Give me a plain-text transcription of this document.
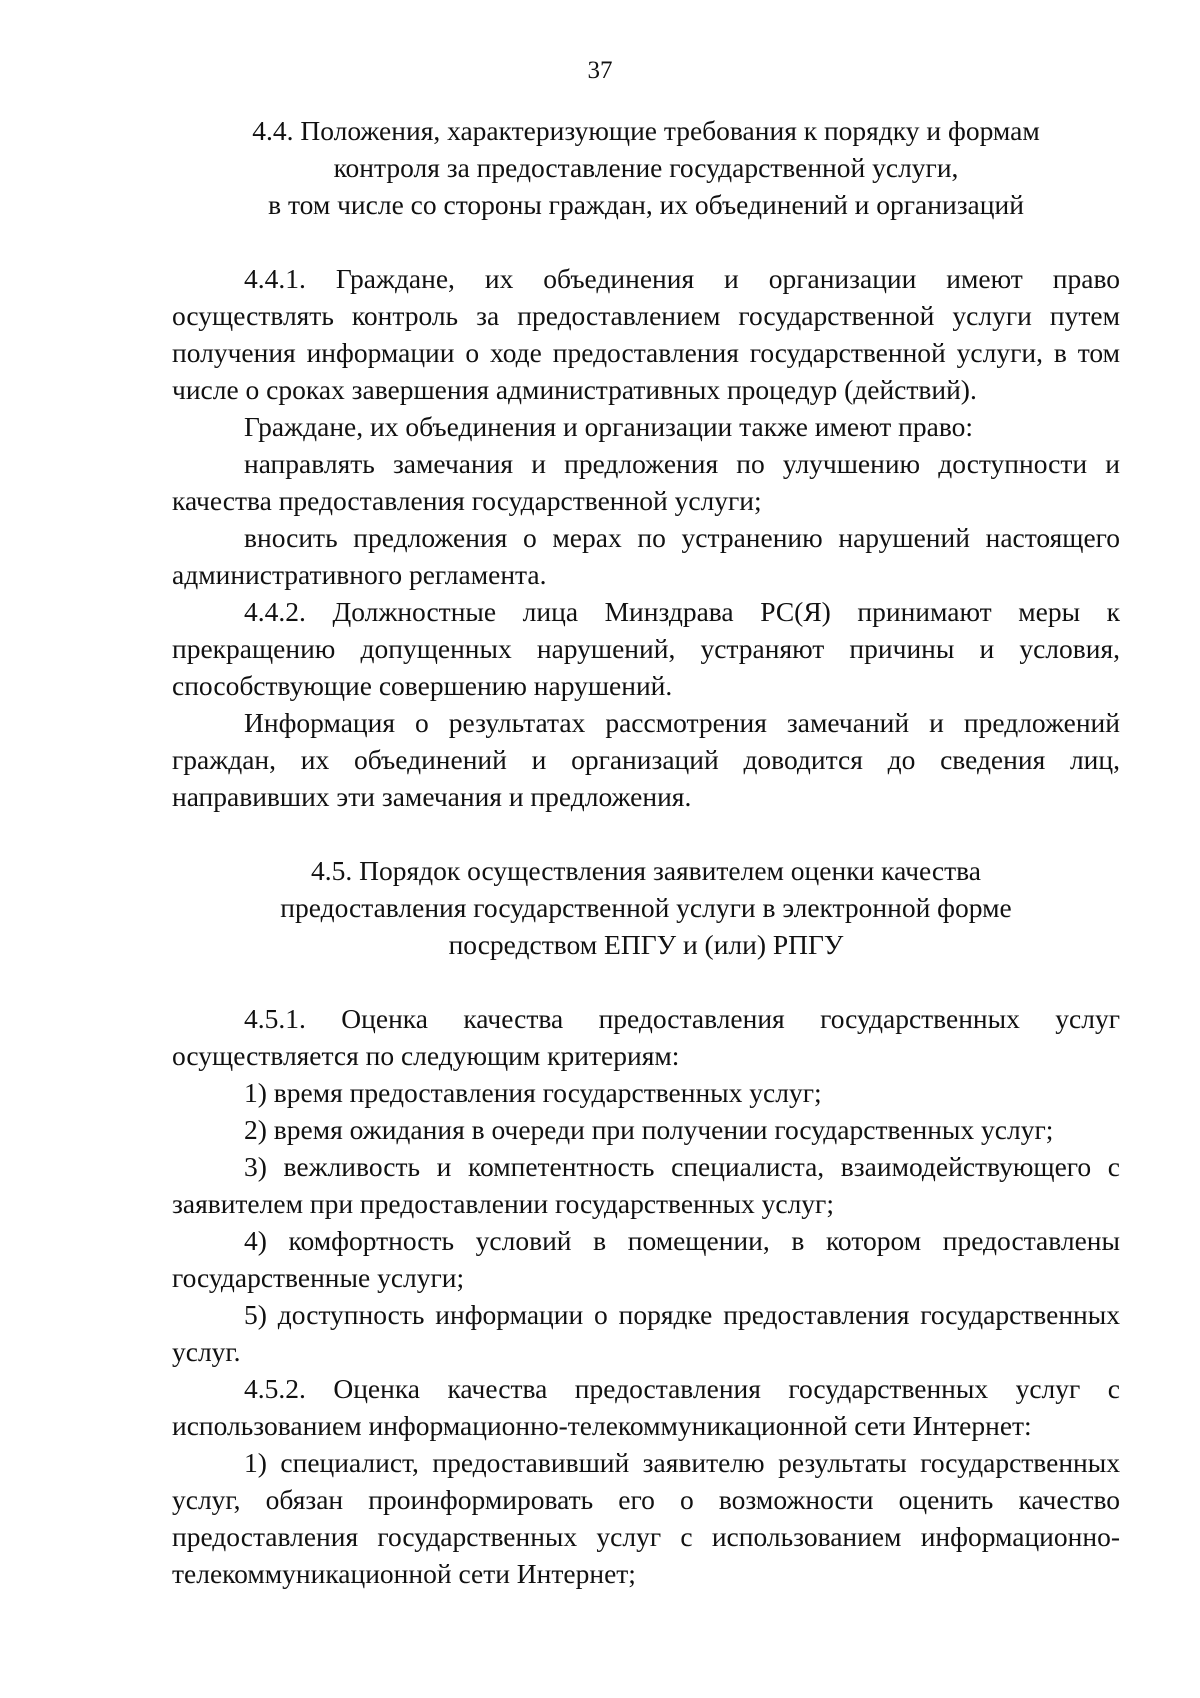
37
4.4. Положения, характеризующие требования к порядку и формам
контроля за предоставление государственной услуги,
в том числе со стороны граждан, их объединений и организаций

4.4.1. Граждане, их объединения и организации имеют право осуществлять контроль за предоставлением государственной услуги путем получения информации о ходе предоставления государственной услуги, в том числе о сроках завершения административных процедур (действий).

Граждане, их объединения и организации также имеют право:

направлять замечания и предложения по улучшению доступности и качества предоставления государственной услуги;

вносить предложения о мерах по устранению нарушений настоящего административного регламента.

4.4.2. Должностные лица Минздрава РС(Я) принимают меры к прекращению допущенных нарушений, устраняют причины и условия, способствующие совершению нарушений.

Информация о результатах рассмотрения замечаний и предложений граждан, их объединений и организаций доводится до сведения лиц, направивших эти замечания и предложения.

4.5. Порядок осуществления заявителем оценки качества
предоставления государственной услуги в электронной форме
посредством ЕПГУ и (или) РПГУ

4.5.1. Оценка качества предоставления государственных услуг осуществляется по следующим критериям:

1) время предоставления государственных услуг;

2) время ожидания в очереди при получении государственных услуг;

3) вежливость и компетентность специалиста, взаимодействующего с заявителем при предоставлении государственных услуг;

4) комфортность условий в помещении, в котором предоставлены государственные услуги;

5) доступность информации о порядке предоставления государственных услуг.

4.5.2. Оценка качества предоставления государственных услуг с использованием информационно-телекоммуникационной сети Интернет:

1) специалист, предоставивший заявителю результаты государственных услуг, обязан проинформировать его о возможности оценить качество предоставления государственных услуг с использованием информационно-телекоммуникационной сети Интернет;
